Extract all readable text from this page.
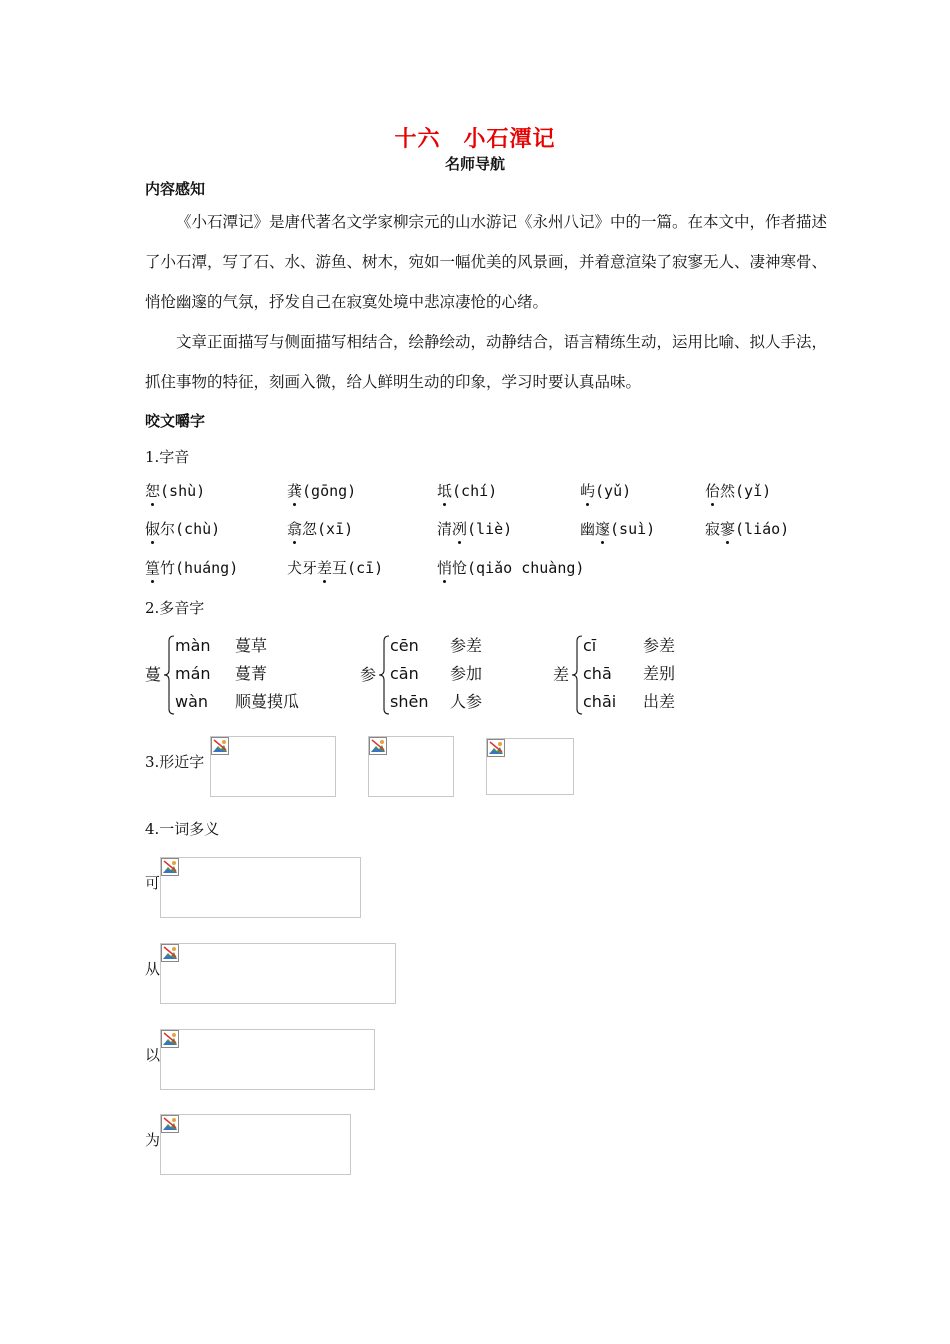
十六　小石潭记
名师导航
内容感知

《小石潭记》是唐代著名文学家柳宗元的山水游记《永州八记》中的一篇。在本文中，作者描述了小石潭，写了石、水、游鱼、树木，宛如一幅优美的风景画，并着意渲染了寂寥无人、凄神寒骨、悄怆幽邃的气氛，抒发自己在寂寞处境中悲凉凄怆的心绪。

文章正面描写与侧面描写相结合，绘静绘动，动静结合，语言精练生动，运用比喻、拟人手法，抓住事物的特征，刻画入微，给人鲜明生动的印象，学习时要认真品味。

咬文嚼字
1.字音
恕(shù)	龚(gōng)	坻(chí)	屿(yǔ)	佁然(yǐ)
俶尔(chù)	翕忽(xī)	清冽(liè)	幽邃(suì)	寂寥(liáo)
篁竹(huáng)	犬牙差互(cī)	悄怆(qiǎo chuàng)
2.多音字
蔓
màn 蔓草
mán 蔓菁
wàn 顺蔓摸瓜
参
cēn 参差
cān 参加
shēn 人参
差
cī	参差
chā 差别
chāi 出差
3.形近字
4.一词多义
可
从
以
为
